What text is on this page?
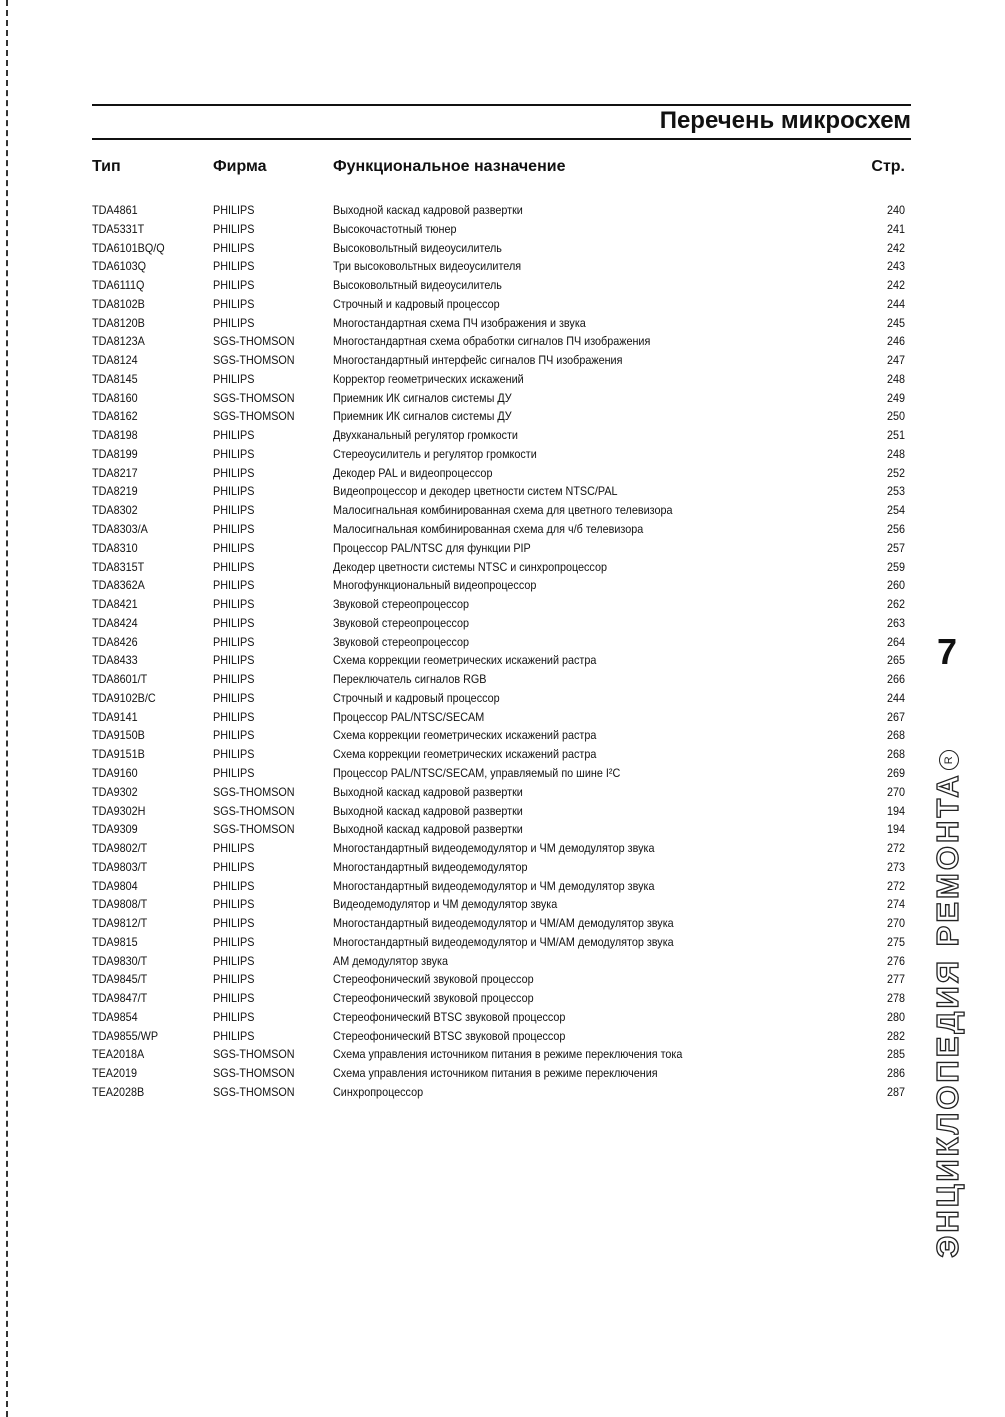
Перечень микросхем
Тип	Фирма	Функциональное назначение	Стр.
TDA4861	PHILIPS	Выходной каскад кадровой развертки	240
TDA5331T	PHILIPS	Высокочастотный тюнер	241
TDA6101BQ/Q	PHILIPS	Высоковольтный видеоусилитель	242
TDA6103Q	PHILIPS	Три высоковольтных видеоусилителя	243
TDA6111Q	PHILIPS	Высоковольтный видеоусилитель	242
TDA8102B	PHILIPS	Строчный и кадровый процессор	244
TDA8120B	PHILIPS	Многостандартная схема ПЧ изображения и звука	245
TDA8123A	SGS-THOMSON	Многостандартная схема обработки сигналов ПЧ изображения	246
TDA8124	SGS-THOMSON	Многостандартный интерфейс сигналов ПЧ изображения	247
TDA8145	PHILIPS	Корректор геометрических искажений	248
TDA8160	SGS-THOMSON	Приемник ИК сигналов системы ДУ	249
TDA8162	SGS-THOMSON	Приемник ИК сигналов системы ДУ	250
TDA8198	PHILIPS	Двухканальный регулятор громкости	251
TDA8199	PHILIPS	Стереоусилитель и регулятор громкости	248
TDA8217	PHILIPS	Декодер PAL и видеопроцессор	252
TDA8219	PHILIPS	Видеопроцессор и декодер цветности систем NTSC/PAL	253
TDA8302	PHILIPS	Малосигнальная комбинированная схема для цветного телевизора	254
TDA8303/A	PHILIPS	Малосигнальная комбинированная схема для ч/б телевизора	256
TDA8310	PHILIPS	Процессор PAL/NTSC для функции PIP	257
TDA8315T	PHILIPS	Декодер цветности системы NTSC и синхропроцессор	259
TDA8362A	PHILIPS	Многофункциональный видеопроцессор	260
TDA8421	PHILIPS	Звуковой стереопроцессор	262
TDA8424	PHILIPS	Звуковой стереопроцессор	263
TDA8426	PHILIPS	Звуковой стереопроцессор	264
TDA8433	PHILIPS	Схема коррекции геометрических искажений растра	265
TDA8601/T	PHILIPS	Переключатель сигналов RGB	266
TDA9102B/C	PHILIPS	Строчный и кадровый процессор	244
TDA9141	PHILIPS	Процессор PAL/NTSC/SECAM	267
TDA9150B	PHILIPS	Схема коррекции геометрических искажений растра	268
TDA9151B	PHILIPS	Схема коррекции геометрических искажений растра	268
TDA9160	PHILIPS	Процессор PAL/NTSC/SECAM, управляемый по шине I²C	269
TDA9302	SGS-THOMSON	Выходной каскад кадровой развертки	270
TDA9302H	SGS-THOMSON	Выходной каскад кадровой развертки	194
TDA9309	SGS-THOMSON	Выходной каскад кадровой развертки	194
TDA9802/T	PHILIPS	Многостандартный видеодемодулятор и ЧМ демодулятор звука	272
TDA9803/T	PHILIPS	Многостандартный видеодемодулятор	273
TDA9804	PHILIPS	Многостандартный видеодемодулятор и ЧМ демодулятор звука	272
TDA9808/T	PHILIPS	Видеодемодулятор и ЧМ демодулятор звука	274
TDA9812/T	PHILIPS	Многостандартный видеодемодулятор и ЧМ/АМ демодулятор звука	270
TDA9815	PHILIPS	Многостандартный видеодемодулятор и ЧМ/АМ демодулятор звука	275
TDA9830/T	PHILIPS	АМ демодулятор звука	276
TDA9845/T	PHILIPS	Стереофонический звуковой процессор	277
TDA9847/T	PHILIPS	Стереофонический звуковой процессор	278
TDA9854	PHILIPS	Стереофонический BTSC звуковой процессор	280
TDA9855/WP	PHILIPS	Стереофонический BTSC звуковой процессор	282
TEA2018A	SGS-THOMSON	Схема управления источником питания в режиме переключения тока	285
TEA2019	SGS-THOMSON	Схема управления источником питания в режиме переключения	286
TEA2028B	SGS-THOMSON	Синхропроцессор	287
7
ЭНЦИКЛОПЕДИЯ РЕМОНТАR
